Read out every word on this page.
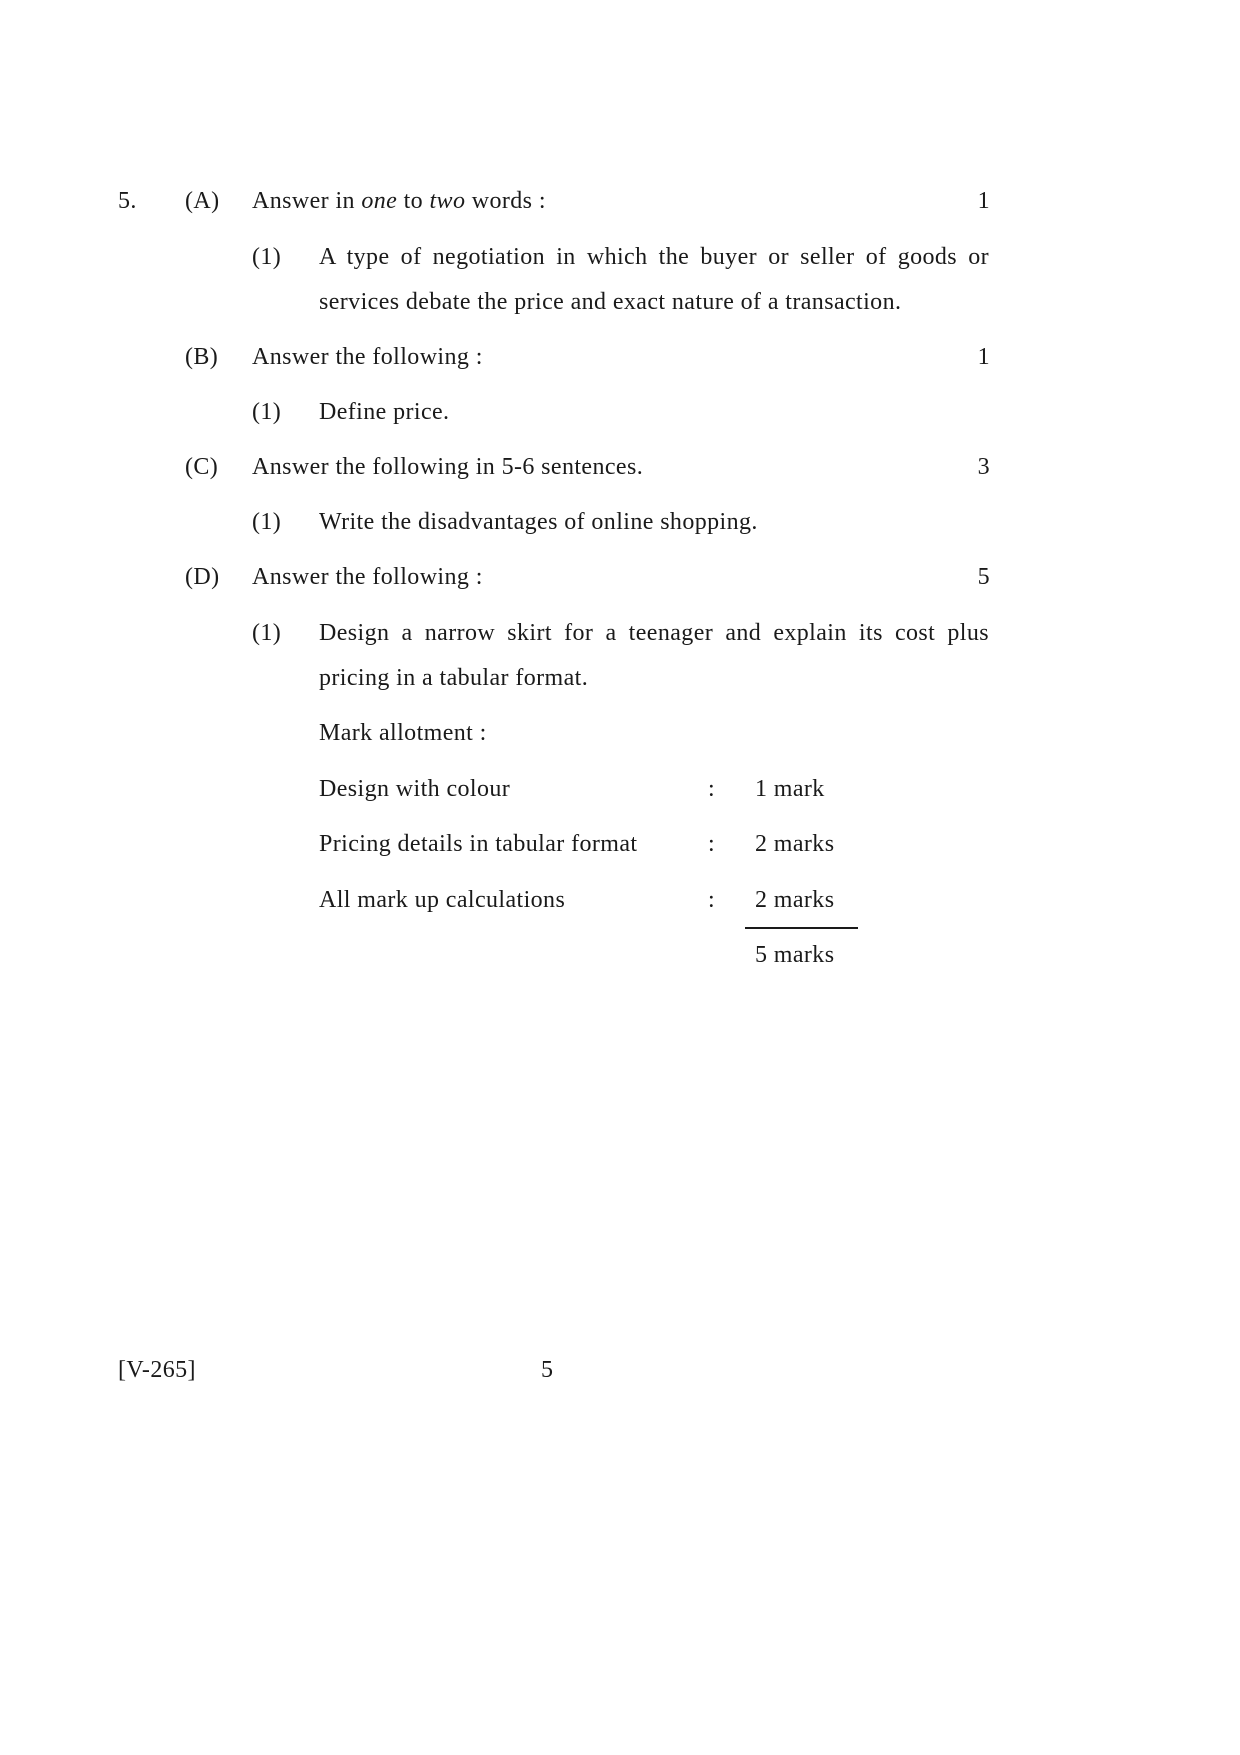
5. (A) Answer in one to two words :	1
(1) A type of negotiation in which the buyer or seller of goods or
services debate the price and exact nature of a transaction.
(B) Answer the following :	1
(1) Define price.
(C) Answer the following in 5-6 sentences.	3
(1) Write the disadvantages of online shopping.
(D) Answer the following :	5
(1) Design a narrow skirt for a teenager and explain its cost plus
pricing in a tabular format.
Mark allotment :
Design with colour	: 1 mark
Pricing details in tabular format	: 2 marks
All mark up calculations	: 2 marks
5 marks
[V-265]	5
